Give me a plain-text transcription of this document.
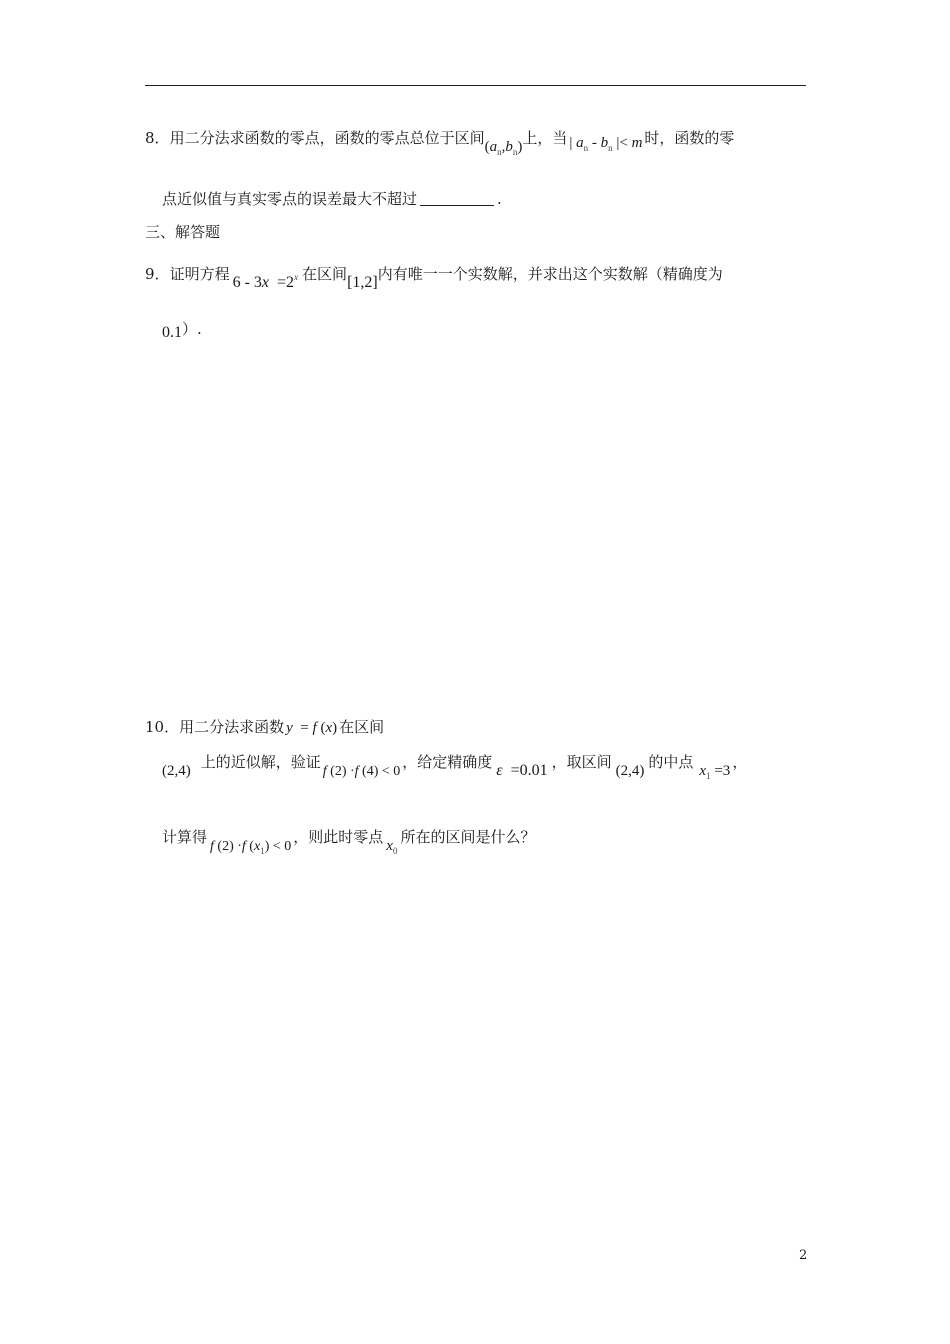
8．用二分法求函数的零点，函数的零点总位于区间$(a_n,b_n)$上，当 | $a_n - b_n$ |< m 时，函数的零
点近似值与真实零点的误差最大不超过	.
三、解答题
9．证明方程 $6 - 3x =2^x$ 在区间[1,2]内有唯一一个实数解，并求出这个实数解（精确度为
0.1）.
10．用二分法求函数 y  = f (x) 在区间
(2,4) 上的近似解，验证f (2) ·f (4) < 0，给定精确度 ε  =0.01 ，取区间 (2,4) 的中点 $x_1 =3$ ，
计算得f (2) ·f $(x_1) < 0$，则此时零点 $x_0$所在的区间是什么？
2
